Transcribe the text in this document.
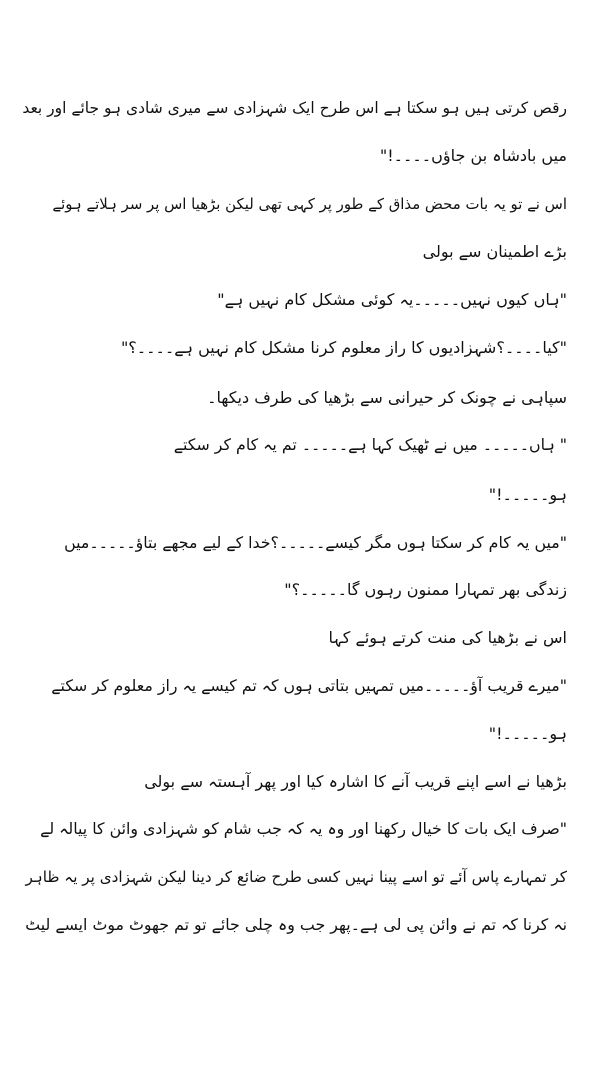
رقص کرتی ہیں ہو سکتا ہے اس طرح ایک شہزادی سے میری شادی ہو جائے اور بعد
میں بادشاہ بن جاؤں۔۔۔۔!"
اس نے تو یہ بات محض مذاق کے طور پر کہی تھی لیکن بڑھیا اس پر سر ہلاتے ہوئے
بڑے اطمینان سے بولی
"ہاں کیوں نہیں۔۔۔۔۔یہ کوئی مشکل کام نہیں ہے"
"کیا۔۔۔۔؟شہزادیوں کا راز معلوم کرنا مشکل کام نہیں ہے۔۔۔۔؟"
سپاہی نے چونک کر حیرانی سے بڑھیا کی طرف دیکھا۔
" ہاں۔۔۔۔۔ میں نے ٹھیک کہا ہے۔۔۔۔۔ تم یہ کام کر سکتے
ہو۔۔۔۔۔!"
"میں یہ کام کر سکتا ہوں مگر کیسے۔۔۔۔۔؟خدا کے لیے مجھے بتاؤ۔۔۔۔۔میں
زندگی بھر تمہارا ممنون رہوں گا۔۔۔۔۔؟"
اس نے بڑھیا کی منت کرتے ہوئے کہا
"میرے قریب آؤ۔۔۔۔۔میں تمہیں بتاتی ہوں کہ تم کیسے یہ راز معلوم کر سکتے
ہو۔۔۔۔۔!"
بڑھیا نے اسے اپنے قریب آنے کا اشارہ کیا اور پھر آہستہ سے بولی
"صرف ایک بات کا خیال رکھنا اور وہ یہ کہ جب شام کو شہزادی وائن کا پیالہ لے
کر تمہارے پاس آئے تو اسے پینا نہیں کسی طرح ضائع کر دینا لیکن شہزادی پر یہ ظاہر
نہ کرنا کہ تم نے وائن پی لی ہے۔پھر جب وہ چلی جائے تو تم جھوٹ موٹ ایسے لیٹ
